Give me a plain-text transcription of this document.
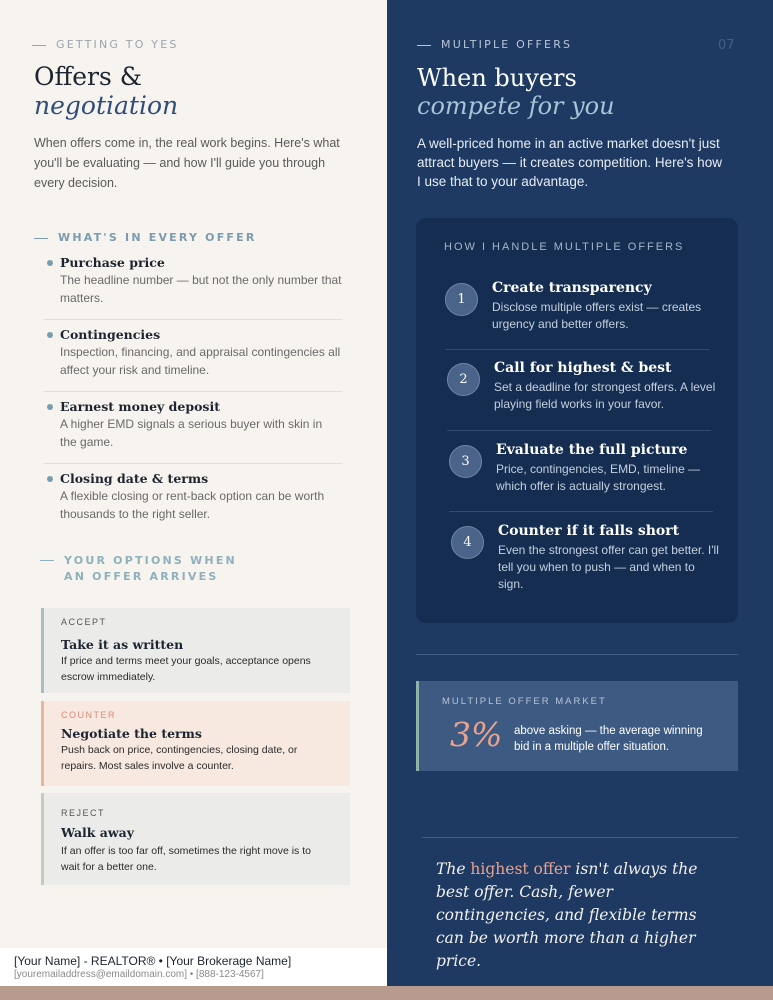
GETTING TO YES
Offers &
negotiation
When offers come in, the real work begins. Here's what you'll be evaluating — and how I'll guide you through every decision.
WHAT'S IN EVERY OFFER
Purchase price
The headline number — but not the only number that matters.
Contingencies
Inspection, financing, and appraisal contingencies all affect your risk and timeline.
Earnest money deposit
A higher EMD signals a serious buyer with skin in the game.
Closing date & terms
A flexible closing or rent-back option can be worth thousands to the right seller.
YOUR OPTIONS WHEN
AN OFFER ARRIVES
ACCEPT
Take it as written
If price and terms meet your goals, acceptance opens escrow immediately.
COUNTER
Negotiate the terms
Push back on price, contingencies, closing date, or repairs. Most sales involve a counter.
REJECT
Walk away
If an offer is too far off, sometimes the right move is to wait for a better one.
MULTIPLE OFFERS	07
When buyers
compete for you
A well-priced home in an active market doesn't just attract buyers — it creates competition. Here's how I use that to your advantage.
HOW I HANDLE MULTIPLE OFFERS
1
Create transparency
Disclose multiple offers exist — creates urgency and better offers.
2
Call for highest & best
Set a deadline for strongest offers. A level playing field works in your favor.
3
Evaluate the full picture
Price, contingencies, EMD, timeline — which offer is actually strongest.
4
Counter if it falls short
Even the strongest offer can get better. I'll tell you when to push — and when to sign.
MULTIPLE OFFER MARKET
3% above asking — the average winning bid in a multiple offer situation.
The highest offer isn't always the best offer. Cash, fewer contingencies, and flexible terms can be worth more than a higher price.
[Your Name] - REALTOR® • [Your Brokerage Name]
[youremailaddress@emaildomain.com] • [888-123-4567]
